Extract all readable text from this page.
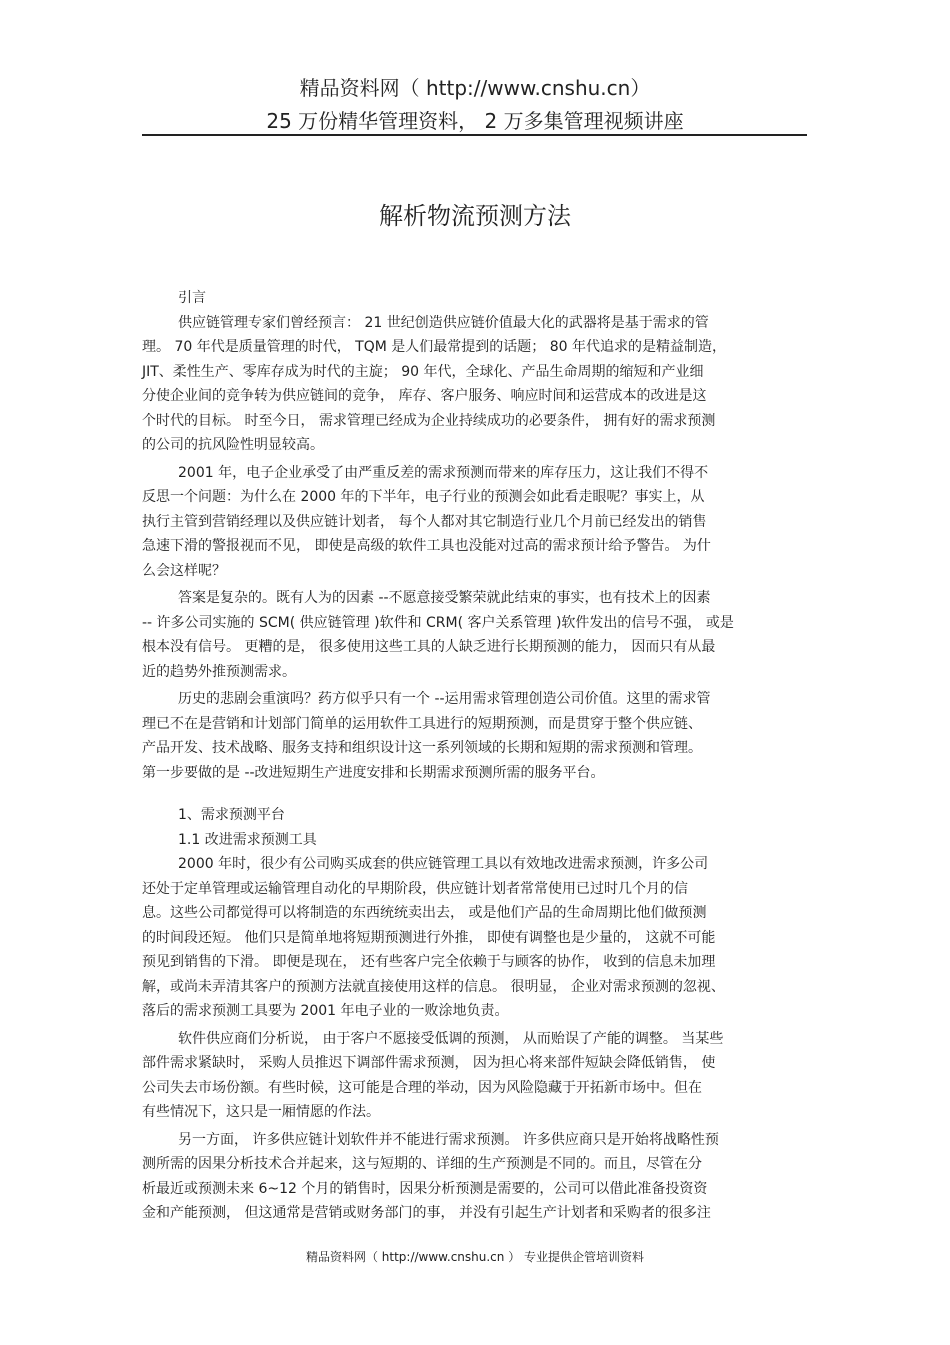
精品资料网（ http://www.cnshu.cn）
25 万份精华管理资料， 2 万多集管理视频讲座
解析物流预测方法

引言

供应链管理专家们曾经预言： 21 世纪创造供应链价值最大化的武器将是基于需求的管

理。 70 年代是质量管理的时代， TQM 是人们最常提到的话题； 80 年代追求的是精益制造，

JIT、柔性生产、零库存成为时代的主旋； 90 年代，全球化、产品生命周期的缩短和产业细

分使企业间的竞争转为供应链间的竞争， 库存、客户服务、响应时间和运营成本的改进是这

个时代的目标。 时至今日， 需求管理已经成为企业持续成功的必要条件， 拥有好的需求预测

的公司的抗风险性明显较高。

2001 年，电子企业承受了由严重反差的需求预测而带来的库存压力，这让我们不得不

反思一个问题：为什么在 2000 年的下半年，电子行业的预测会如此看走眼呢？事实上，从

执行主管到营销经理以及供应链计划者， 每个人都对其它制造行业几个月前已经发出的销售

急速下滑的警报视而不见， 即使是高级的软件工具也没能对过高的需求预计给予警告。 为什

么会这样呢？

答案是复杂的。既有人为的因素 --不愿意接受繁荣就此结束的事实，也有技术上的因素

-- 许多公司实施的 SCM( 供应链管理 )软件和 CRM( 客户关系管理 )软件发出的信号不强， 或是

根本没有信号。 更糟的是， 很多使用这些工具的人缺乏进行长期预测的能力， 因而只有从最

近的趋势外推预测需求。

历史的悲剧会重演吗？药方似乎只有一个 --运用需求管理创造公司价值。这里的需求管

理已不在是营销和计划部门简单的运用软件工具进行的短期预测，而是贯穿于整个供应链、

产品开发、技术战略、服务支持和组织设计这一系列领域的长期和短期的需求预测和管理。

第一步要做的是 --改进短期生产进度安排和长期需求预测所需的服务平台。

1、需求预测平台

1.1 改进需求预测工具

2000 年时，很少有公司购买成套的供应链管理工具以有效地改进需求预测，许多公司

还处于定单管理或运输管理自动化的早期阶段，供应链计划者常常使用已过时几个月的信

息。这些公司都觉得可以将制造的东西统统卖出去， 或是他们产品的生命周期比他们做预测

的时间段还短。 他们只是简单地将短期预测进行外推， 即使有调整也是少量的， 这就不可能

预见到销售的下滑。 即便是现在， 还有些客户完全依赖于与顾客的协作， 收到的信息未加理

解，或尚未弄清其客户的预测方法就直接使用这样的信息。 很明显， 企业对需求预测的忽视、

落后的需求预测工具要为 2001 年电子业的一败涂地负责。

软件供应商们分析说， 由于客户不愿接受低调的预测， 从而贻误了产能的调整。 当某些

部件需求紧缺时， 采购人员推迟下调部件需求预测， 因为担心将来部件短缺会降低销售， 使

公司失去市场份额。有些时候，这可能是合理的举动，因为风险隐藏于开拓新市场中。但在

有些情况下，这只是一厢情愿的作法。

另一方面， 许多供应链计划软件并不能进行需求预测。 许多供应商只是开始将战略性预

测所需的因果分析技术合并起来，这与短期的、详细的生产预测是不同的。而且，尽管在分

析最近或预测未来 6~12 个月的销售时，因果分析预测是需要的，公司可以借此准备投资资

金和产能预测， 但这通常是营销或财务部门的事， 并没有引起生产计划者和采购者的很多注

精品资料网（ http://www.cnshu.cn ） 专业提供企管培训资料
